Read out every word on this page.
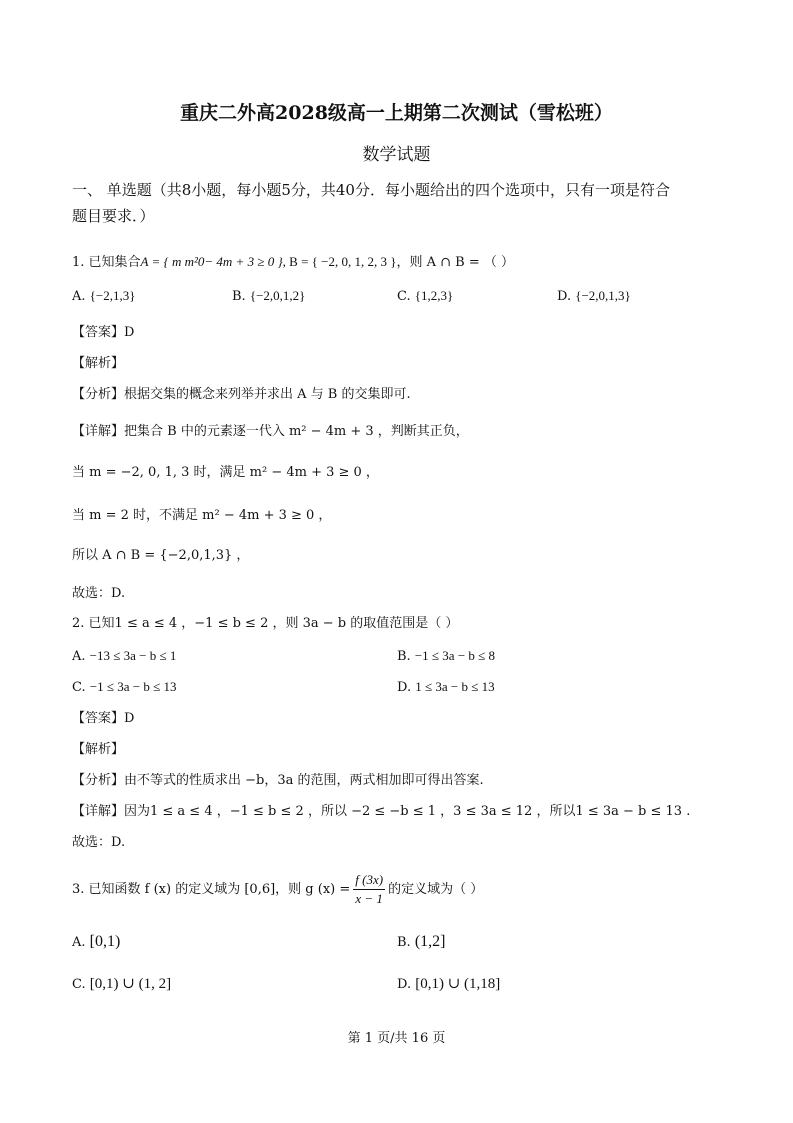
重庆二外高2028级高一上期第二次测试（雪松班）
数学试题
一、 单选题（共8小题，每小题5分，共40分．每小题给出的四个选项中，只有一项是符合
题目要求．）
1. 已知集合A = { m m²0− 4m + 3 ≥ 0 }, B = { −2, 0, 1, 2, 3 }，则 A ∩ B = （ ）
A. {−2,1,3}	B. {−2,0,1,2}	C. {1,2,3}	D. {−2,0,1,3}
【答案】D
【解析】
【分析】根据交集的概念来列举并求出 A 与 B 的交集即可.
【详解】把集合 B 中的元素逐一代入 m² − 4m + 3 ，判断其正负，
当 m = −2, 0, 1, 3 时，满足 m² − 4m + 3 ≥ 0 ，
当 m = 2 时，不满足 m² − 4m + 3 ≥ 0 ，
所以 A ∩ B = {−2,0,1,3} ，
故选：D.
2. 已知1 ≤ a ≤ 4 ，−1 ≤ b ≤ 2 ，则 3a − b 的取值范围是（ ）
A. −13 ≤ 3a − b ≤ 1	B. −1 ≤ 3a − b ≤ 8
C. −1 ≤ 3a − b ≤ 13	D. 1 ≤ 3a − b ≤ 13
【答案】D
【解析】
【分析】由不等式的性质求出 −b，3a 的范围，两式相加即可得出答案.
【详解】因为1 ≤ a ≤ 4 ，−1 ≤ b ≤ 2 ，所以 −2 ≤ −b ≤ 1 ，3 ≤ 3a ≤ 12 ，所以1 ≤ 3a − b ≤ 13 .
故选：D.
3. 已知函数 f (x) 的定义域为 [0,6]，则 g $(x) = \frac{f (3x)}{x - 1}$ 的定义域为（ ）
A. [0,1)	B. (1,2]
C. [0,1) ∪ (1, 2]	D. [0,1) ∪ (1,18]
第 1 页/共 16 页
